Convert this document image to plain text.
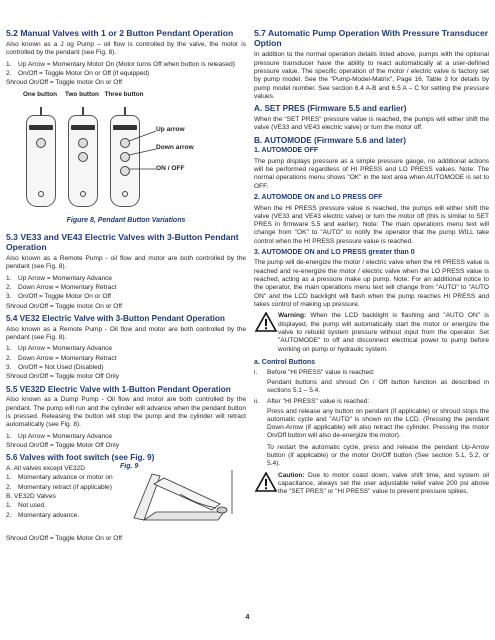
5.2 Manual Valves with 1 or 2 Button Pendant Operation

Also known as a J og Pump – oil flow is controlled by the valve, the motor is controlled by the pendant (see Fig. 8).

1. Up Arrow = Momentary Motor On (Motor turns Off when button is released)
2. On/Off = Toggle Motor On or Off (if equipped)

Shroud On/Off = Toggle motor On or Off

One button	Two button Three button
Up arrow
Down arrow
ON / OFF
Figure 8, Pendant Button Variations
5.3 VE33 and VE43 Electric Valves with 3-Button Pendant Operation

Also known as a Remote Pump - oil flow and motor are both controlled by the pendant (see Fig. 8).

1. Up Arrow = Momentary Advance
2. Down Arrow = Momentary Retract
3. On/Off = Toggle Motor On or Off

Shroud On/Off = Toggle motor On or Off

5.4 VE32 Electric Valve with 3-Button Pendant Operation

Also known as a Remote Pump - Oil flow and motor are both controlled by the pendant (see Fig. 8).

1. Up Arrow = Momentary Advance
2. Down Arrow = Momentary Retract
3. On/Off = Not Used (Disabled)

Shroud On/Off = Toggle motor Off Only

5.5 VE32D Electric Valve with 1-Button Pendant Operation

Also known as a Dump Pump - Oil flow and motor are both controlled by the pendant. The pump will run and the cylinder will advance when the pendant button is pressed. Releasing the button will stop the pump and the cylinder will retract automatically (see Fig. 8).

1. Up Arrow = Momentary Advance

Shroud On/Off = Toggle Motor Off Only

5.6 Valves with foot switch (see Fig. 9)
A. All valves except VE32D
1. Momentary advance or motor on
2. Momentary retract (if applicable)
B. VE32D Valves
1. Not used.
2. Momentary advance.
Fig. 9

Shroud On/Off = Toggle Motor On or Off

5.7 Automatic Pump Operation With Pressure Transducer Option

In addition to the normal operation details listed above, pumps with the optional pressure transducer have the ability to react automatically at a user-defined pressure value. The specific operation of the motor / electric valve is factory set by pump model. See the "Pump-Model-Matrix", Page 16, Table 3 for details by pump model number. See section 6.4 A-B and 6.5 A – C for setting the pressure values.

A. SET PRES (Firmware 5.5 and earlier)

When the "SET PRES" pressure value is reached, the pumps will either shift the valve (VE33 and VE43 electric valve) or turn the motor off.

B. AUTOMODE (Firmware 5.6 and later)
1. AUTOMODE OFF

The pump displays pressure as a simple pressure gauge, no additional actions will be performed regardless of HI PRESS and LO PRESS values. Note: The normal operations menu shows "OK" in the text area when AUTOMODE is set to OFF.

2. AUTOMODE ON and LO PRESS OFF

When the HI PRESS pressure value is reached, the pumps will either shift the valve (VE33 and VE43 electric valve) or turn the motor off (this is similar to SET PRES in firmware 5.5 and earlier). Note: The main operations menu text will change from "OK" to "AUTO" to notify the operator that the pump WILL take control when the HI PRESS pressure value is reached.

3. AUTOMODE ON and LO PRESS greater than 0

The pump will de-energize the motor / electric valve when the HI PRESS value is reached and re-energize the motor / electric valve when the LO PRESS value is reached, acting as a pressure make up pump. Note: For an additional notice to the operator, the main operations menu text will change from "AUTO" to "AUTO ON" and the LCD backlight will flash when the pump reaches HI PRESS and takes control of making up pressure.

Warning: When the LCD backlight is flashing and "AUTO ON" is displayed, the pump will automatically start the motor or energize the valve to rebuild system pressure without input from the operator. Set "AUTOMODE" to off and disconnect electrical power to pump before working on pump or hydraulic system.

a. Control Buttons
i.	Before "HI PRESS" value is reached:

Pendant buttons and shroud On / Off button function as described in sections 5.1 – 5.4.

ii.	After "HI PRESS" value is reached:

Press and release any button on pendant (if applicable) or shroud stops the automatic cycle and "AUTO" is shown on the LCD. (Pressing the pendant Down-Arrow (if applicable) will also retract the cylinder. Pressing the motor On/Off button will also de-energize the motor).

To restart the automatic cycle, press and release the pendant Up-Arrow button (if applicable) or the motor On/Off button (See section 5.1, 5.2, or 5.4).

Caution: Due to motor coast down, valve shift time, and system oil capacitance, always set the user adjustable relief valve 200 psi above the "SET PRES" or "HI PRESS" value to prevent pressure spikes.

4
